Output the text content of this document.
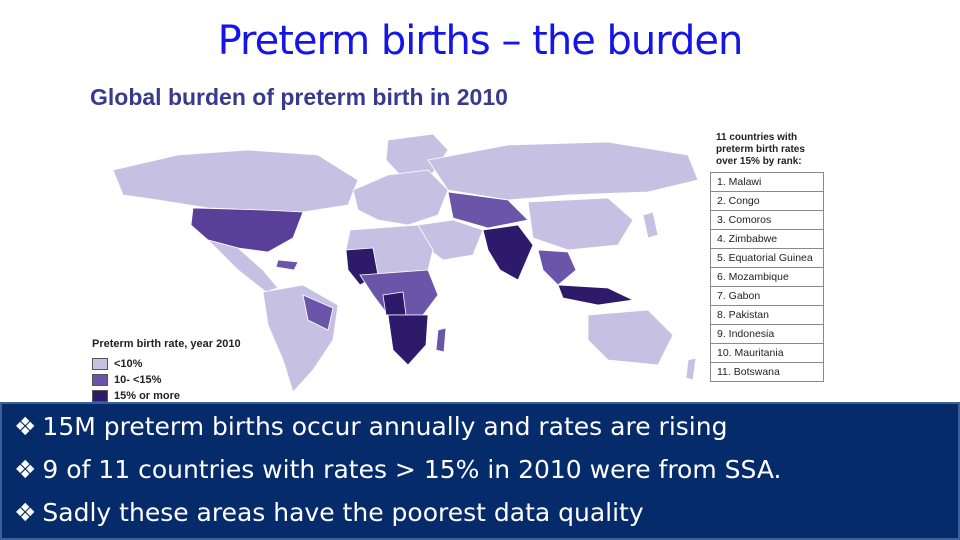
Preterm births – the burden
Global burden of preterm birth in 2010
Preterm birth rate, year 2010
<10%
10- <15%
15% or more
11 countries with preterm birth rates over 15% by rank:
1. Malawi
2. Congo
3. Comoros
4. Zimbabwe
5. Equatorial Guinea
6. Mozambique
7. Gabon
8. Pakistan
9. Indonesia
10. Mauritania
11. Botswana
❖ 15M preterm births occur annually and rates are rising
❖ 9 of 11 countries with rates > 15% in 2010 were from SSA.
❖ Sadly these areas have the poorest data quality
